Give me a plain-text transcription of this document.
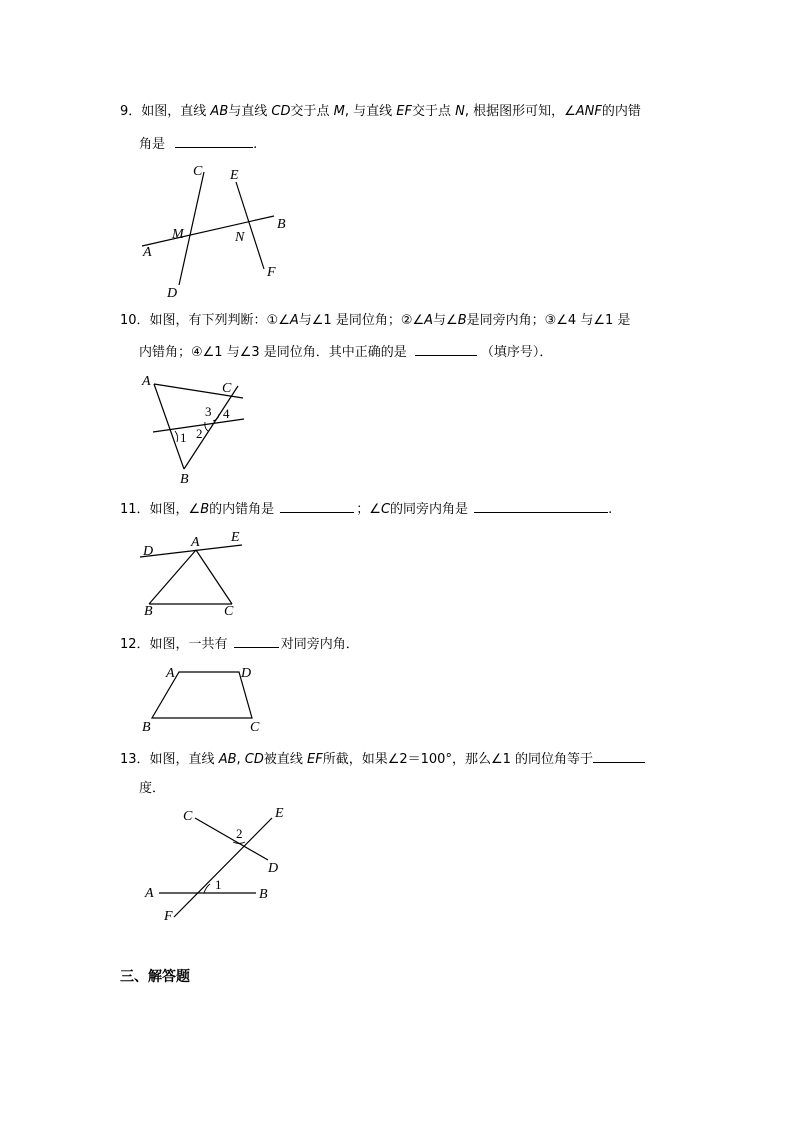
9．如图，直线 AB与直线 CD交于点 M, 与直线 EF交于点 N, 根据图形可知，∠ANF的内错
角是	.
C E
B
M	N
A
F
D
10．如图，有下列判断：①∠A与∠1 是同位角；②∠A与∠B是同旁内角；③∠4 与∠1 是
内错角；④∠1 与∠3 是同位角．其中正确的是	（填序号）．
A	C
B
1 2
3 4
11．如图，∠B的内错角是	；∠C的同旁内角是	.
D
A E
B	C
12．如图，一共有	对同旁内角．
A	D
B	C
13．如图，直线 AB, CD被直线 EF所截，如果∠2＝100°，那么∠1 的同位角等于
度．
C	E
2
D
A
1
B
F
三、解答题
